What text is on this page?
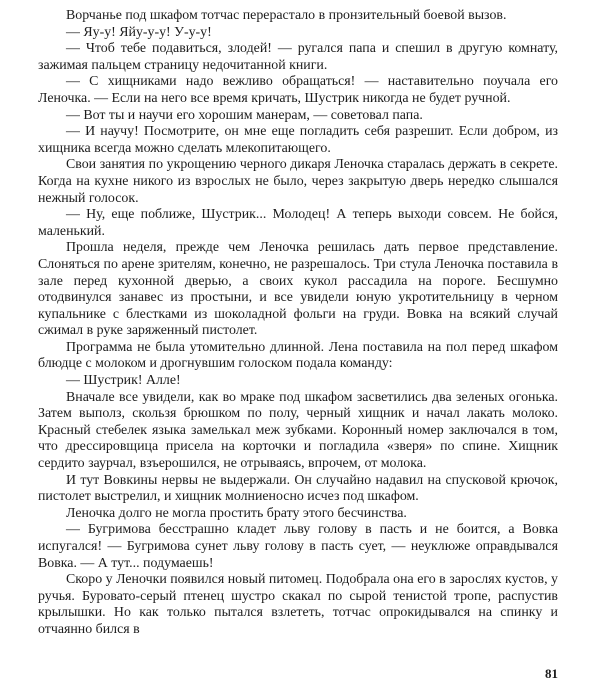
Ворчанье под шкафом тотчас перерастало в пронзительный боевой вызов.

— Яу-у! Яйу-у-у! У-у-у!

— Чтоб тебе подавиться, злодей! — ругался папа и спешил в другую комнату, зажимая пальцем страницу недочитанной книги.

— С хищниками надо вежливо обращаться! — наставительно поучала его Леночка. — Если на него все время кричать, Шустрик никогда не будет ручной.

— Вот ты и научи его хорошим манерам, — советовал папа.

— И научу! Посмотрите, он мне еще погладить себя разрешит. Если добром, из хищника всегда можно сделать млекопитающего.

Свои занятия по укрощению черного дикаря Леночка старалась держать в секрете. Когда на кухне никого из взрослых не было, через закрытую дверь нередко слышался нежный голосок.

— Ну, еще поближе, Шустрик... Молодец! А теперь выходи совсем. Не бойся, маленький.

Прошла неделя, прежде чем Леночка решилась дать первое представление. Слоняться по арене зрителям, конечно, не разрешалось. Три стула Леночка поставила в зале перед кухонной дверью, а своих кукол рассадила на пороге. Бесшумно отодвинулся занавес из простыни, и все увидели юную укротительницу в черном купальнике с блестками из шоколадной фольги на груди. Вовка на всякий случай сжимал в руке заряженный пистолет.

Программа не была утомительно длинной. Лена поставила на пол перед шкафом блюдце с молоком и дрогнувшим голоском подала команду:

— Шустрик! Алле!

Вначале все увидели, как во мраке под шкафом засветились два зеленых огонька. Затем выполз, скользя брюшком по полу, черный хищник и начал лакать молоко. Красный стебелек языка замелькал меж зубками. Коронный номер заключался в том, что дрессировщица присела на корточки и погладила «зверя» по спине. Хищник сердито заурчал, взъерошился, не отрываясь, впрочем, от молока.

И тут Вовкины нервы не выдержали. Он случайно надавил на спусковой крючок, пистолет выстрелил, и хищник молниеносно исчез под шкафом.

Леночка долго не могла простить брату этого бесчинства.

— Бугримова бесстрашно кладет льву голову в пасть и не боится, а Вовка испугался! — Бугримова сунет льву голову в пасть сует, — неуклюже оправдывался Вовка. — А тут... подумаешь!

Скоро у Леночки появился новый питомец. Подобрала она его в зарослях кустов, у ручья. Буровато-серый птенец шустро скакал по сырой тенистой тропе, распустив крылышки. Но как только пытался взлететь, тотчас опрокидывался на спинку и отчаянно бился в

81
